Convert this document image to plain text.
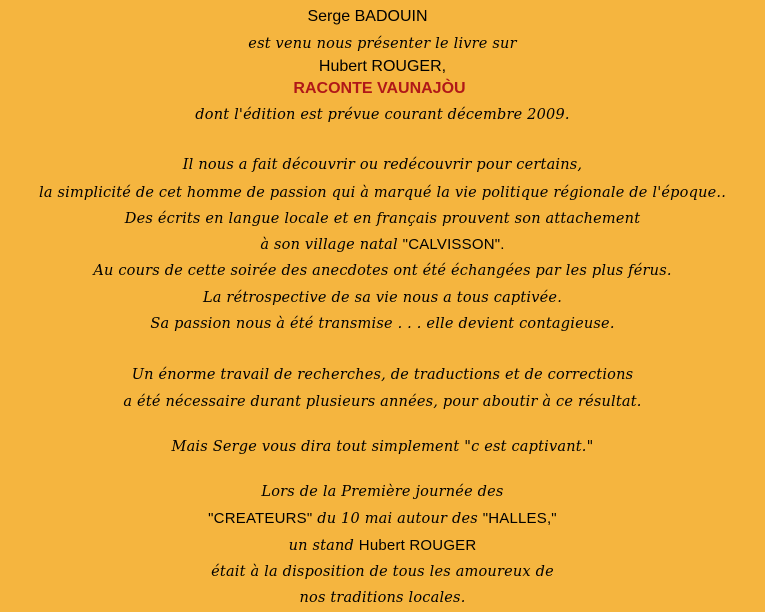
Serge BADOUIN
est venu nous présenter le livre sur
Hubert ROUGER,
RACONTE VAUNAJÒU
dont l'édition est prévue courant décembre 2009.
Il nous a fait découvrir ou redécouvrir pour certains,
la simplicité de cet homme de passion qui à marqué la vie politique régionale de l'époque..
Des écrits en langue locale et en français prouvent son attachement
à son village natal "CALVISSON".
Au cours de cette soirée des anecdotes ont été échangées par les plus férus.
La rétrospective de sa vie nous a tous captivée.
Sa passion nous à été transmise . . . elle devient contagieuse.
Un énorme travail de recherches, de traductions et de corrections
a été nécessaire durant plusieurs années, pour aboutir à ce résultat.
Mais Serge vous dira tout simplement "c est captivant."
Lors de la Première journée des
"CREATEURS" du 10 mai autour des "HALLES,"
un stand Hubert ROUGER
était à la disposition de tous les amoureux de
nos traditions locales.
